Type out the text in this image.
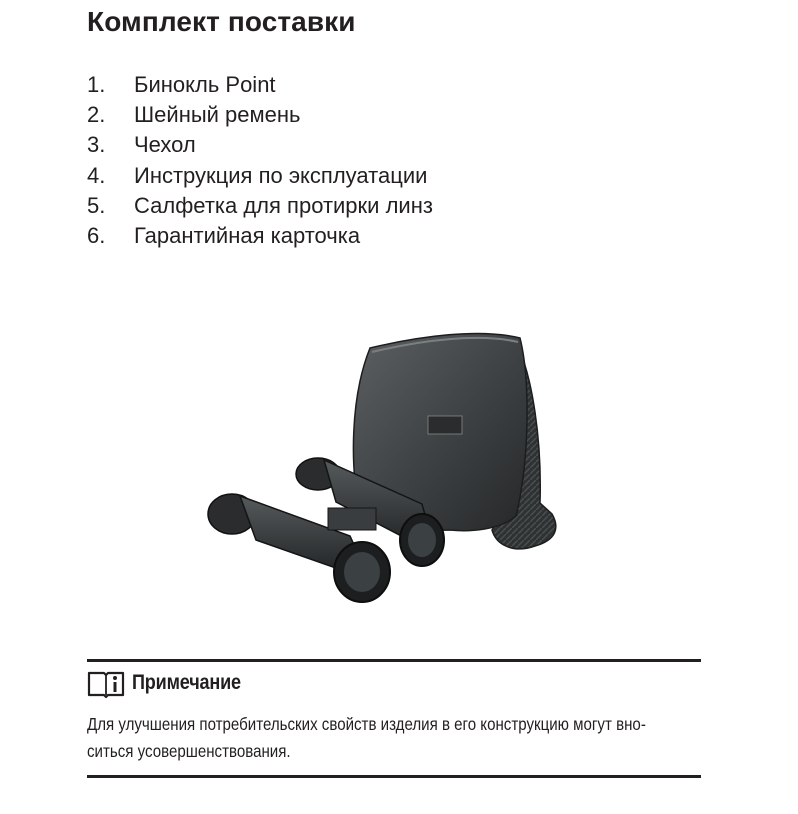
Комплект поставки
1.	Бинокль Point
2.	Шейный ремень
3.	Чехол
4.	Инструкция по эксплуатации
5.	Салфетка для протирки линз
6.	Гарантийная карточка
Примечание

Для улучшения потребительских свойств изделия в его конструкцию могут вно-
ситься усовершенствования.
